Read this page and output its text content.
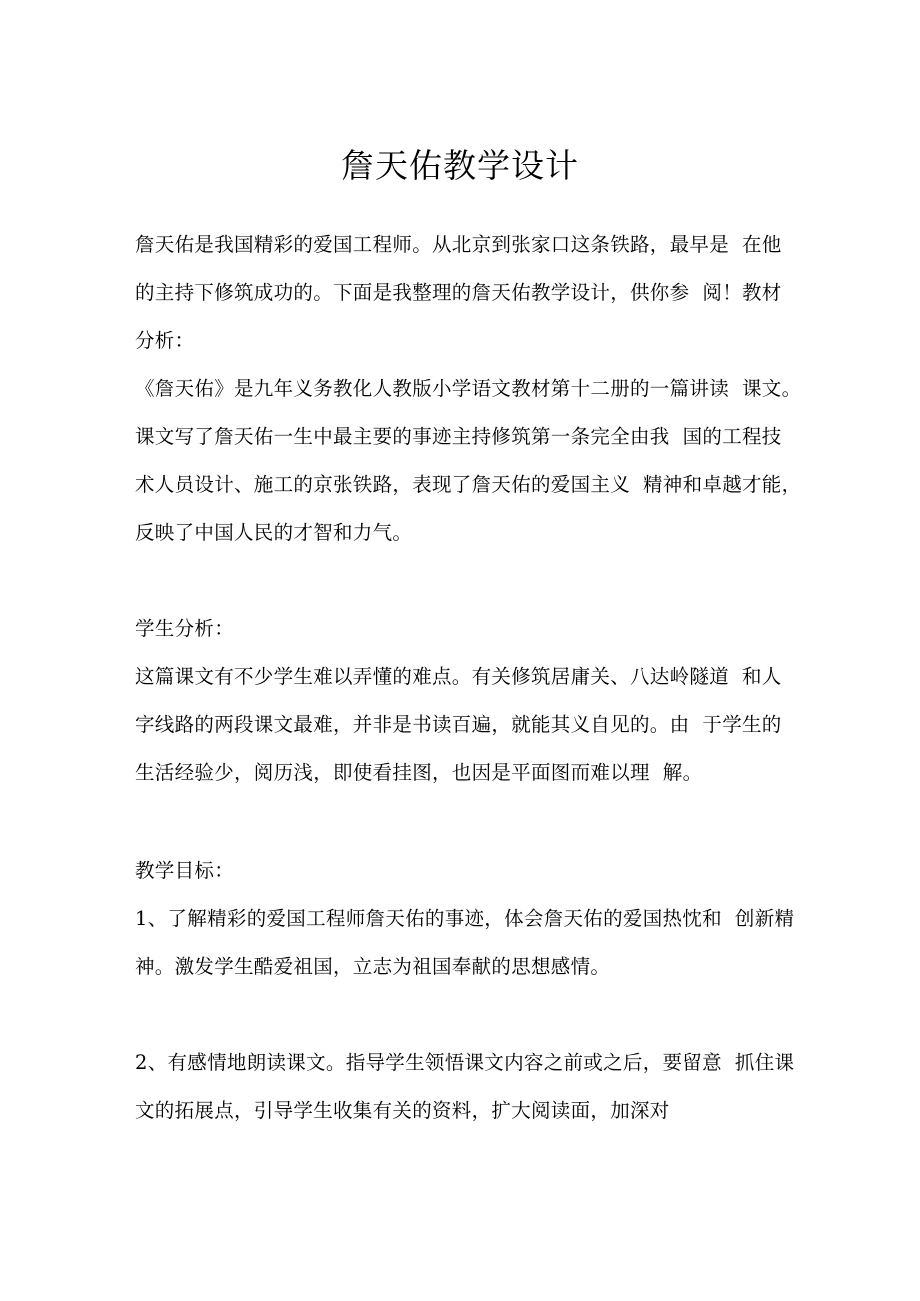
詹天佑教学设计

詹天佑是我国精彩的爱国工程师。从北京到张家口这条铁路，最早是  在他

的主持下修筑成功的。下面是我整理的詹天佑教学设计，供你参  阅！教材

分析：

《詹天佑》是九年义务教化人教版小学语文教材第十二册的一篇讲读  课文。

课文写了詹天佑一生中最主要的事迹主持修筑第一条完全由我  国的工程技

术人员设计、施工的京张铁路，表现了詹天佑的爱国主义  精神和卓越才能，

反映了中国人民的才智和力气。

学生分析：

这篇课文有不少学生难以弄懂的难点。有关修筑居庸关、八达岭隧道  和人

字线路的两段课文最难，并非是书读百遍，就能其义自见的。由  于学生的

生活经验少，阅历浅，即使看挂图，也因是平面图而难以理  解。

教学目标：

1、了解精彩的爱国工程师詹天佑的事迹，体会詹天佑的爱国热忱和  创新精

神。激发学生酷爱祖国，立志为祖国奉献的思想感情。

2、有感情地朗读课文。指导学生领悟课文内容之前或之后，要留意  抓住课

文的拓展点，引导学生收集有关的资料，扩大阅读面，加深对
